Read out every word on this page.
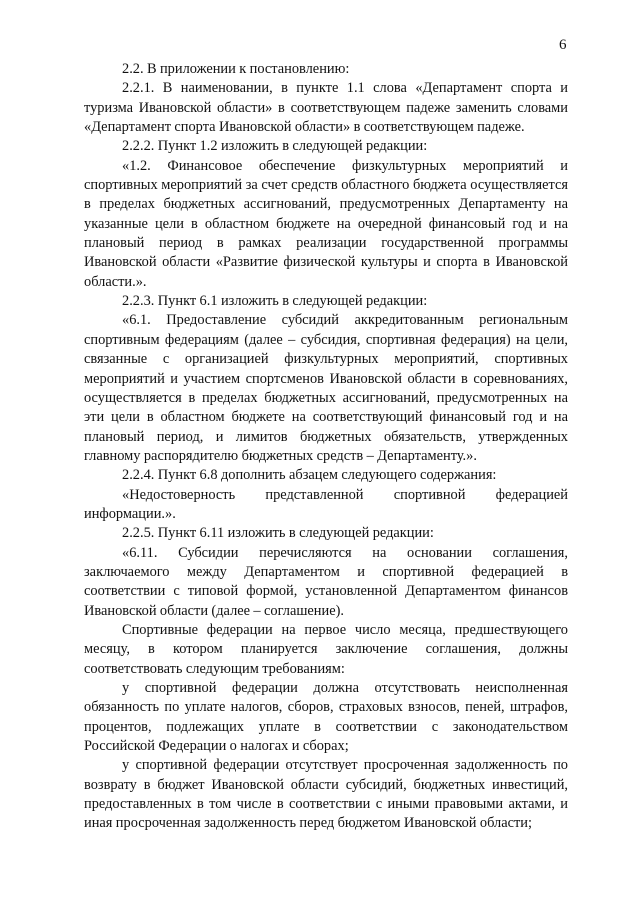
6

2.2. В приложении к постановлению:

2.2.1. В наименовании, в пункте 1.1 слова «Департамент спорта и туризма Ивановской области» в соответствующем падеже заменить словами «Департамент спорта Ивановской области» в соответствующем падеже.

2.2.2. Пункт 1.2 изложить в следующей редакции:

«1.2. Финансовое обеспечение физкультурных мероприятий и спортивных мероприятий за счет средств областного бюджета осуществляется в пределах бюджетных ассигнований, предусмотренных Департаменту на указанные цели в областном бюджете на очередной финансовый год и на плановый период в рамках реализации государственной программы Ивановской области «Развитие физической культуры и спорта в Ивановской области.».

2.2.3. Пункт 6.1 изложить в следующей редакции:

«6.1. Предоставление субсидий аккредитованным региональным спортивным федерациям (далее – субсидия, спортивная федерация) на цели, связанные с организацией физкультурных мероприятий, спортивных мероприятий и участием спортсменов Ивановской области в соревнованиях, осуществляется в пределах бюджетных ассигнований, предусмотренных на эти цели в областном бюджете на соответствующий финансовый год и на плановый период, и лимитов бюджетных обязательств, утвержденных главному распорядителю бюджетных средств – Департаменту.».

2.2.4. Пункт 6.8 дополнить абзацем следующего содержания:

«Недостоверность представленной спортивной федерацией информации.».

2.2.5. Пункт 6.11 изложить в следующей редакции:

«6.11. Субсидии перечисляются на основании соглашения, заключаемого между Департаментом и спортивной федерацией в соответствии с типовой формой, установленной Департаментом финансов Ивановской области (далее – соглашение).

Спортивные федерации на первое число месяца, предшествующего месяцу, в котором планируется заключение соглашения, должны соответствовать следующим требованиям:

у спортивной федерации должна отсутствовать неисполненная обязанность по уплате налогов, сборов, страховых взносов, пеней, штрафов, процентов, подлежащих уплате в соответствии с законодательством Российской Федерации о налогах и сборах;

у спортивной федерации отсутствует просроченная задолженность по возврату в бюджет Ивановской области субсидий, бюджетных инвестиций, предоставленных в том числе в соответствии с иными правовыми актами, и иная просроченная задолженность перед бюджетом Ивановской области;
